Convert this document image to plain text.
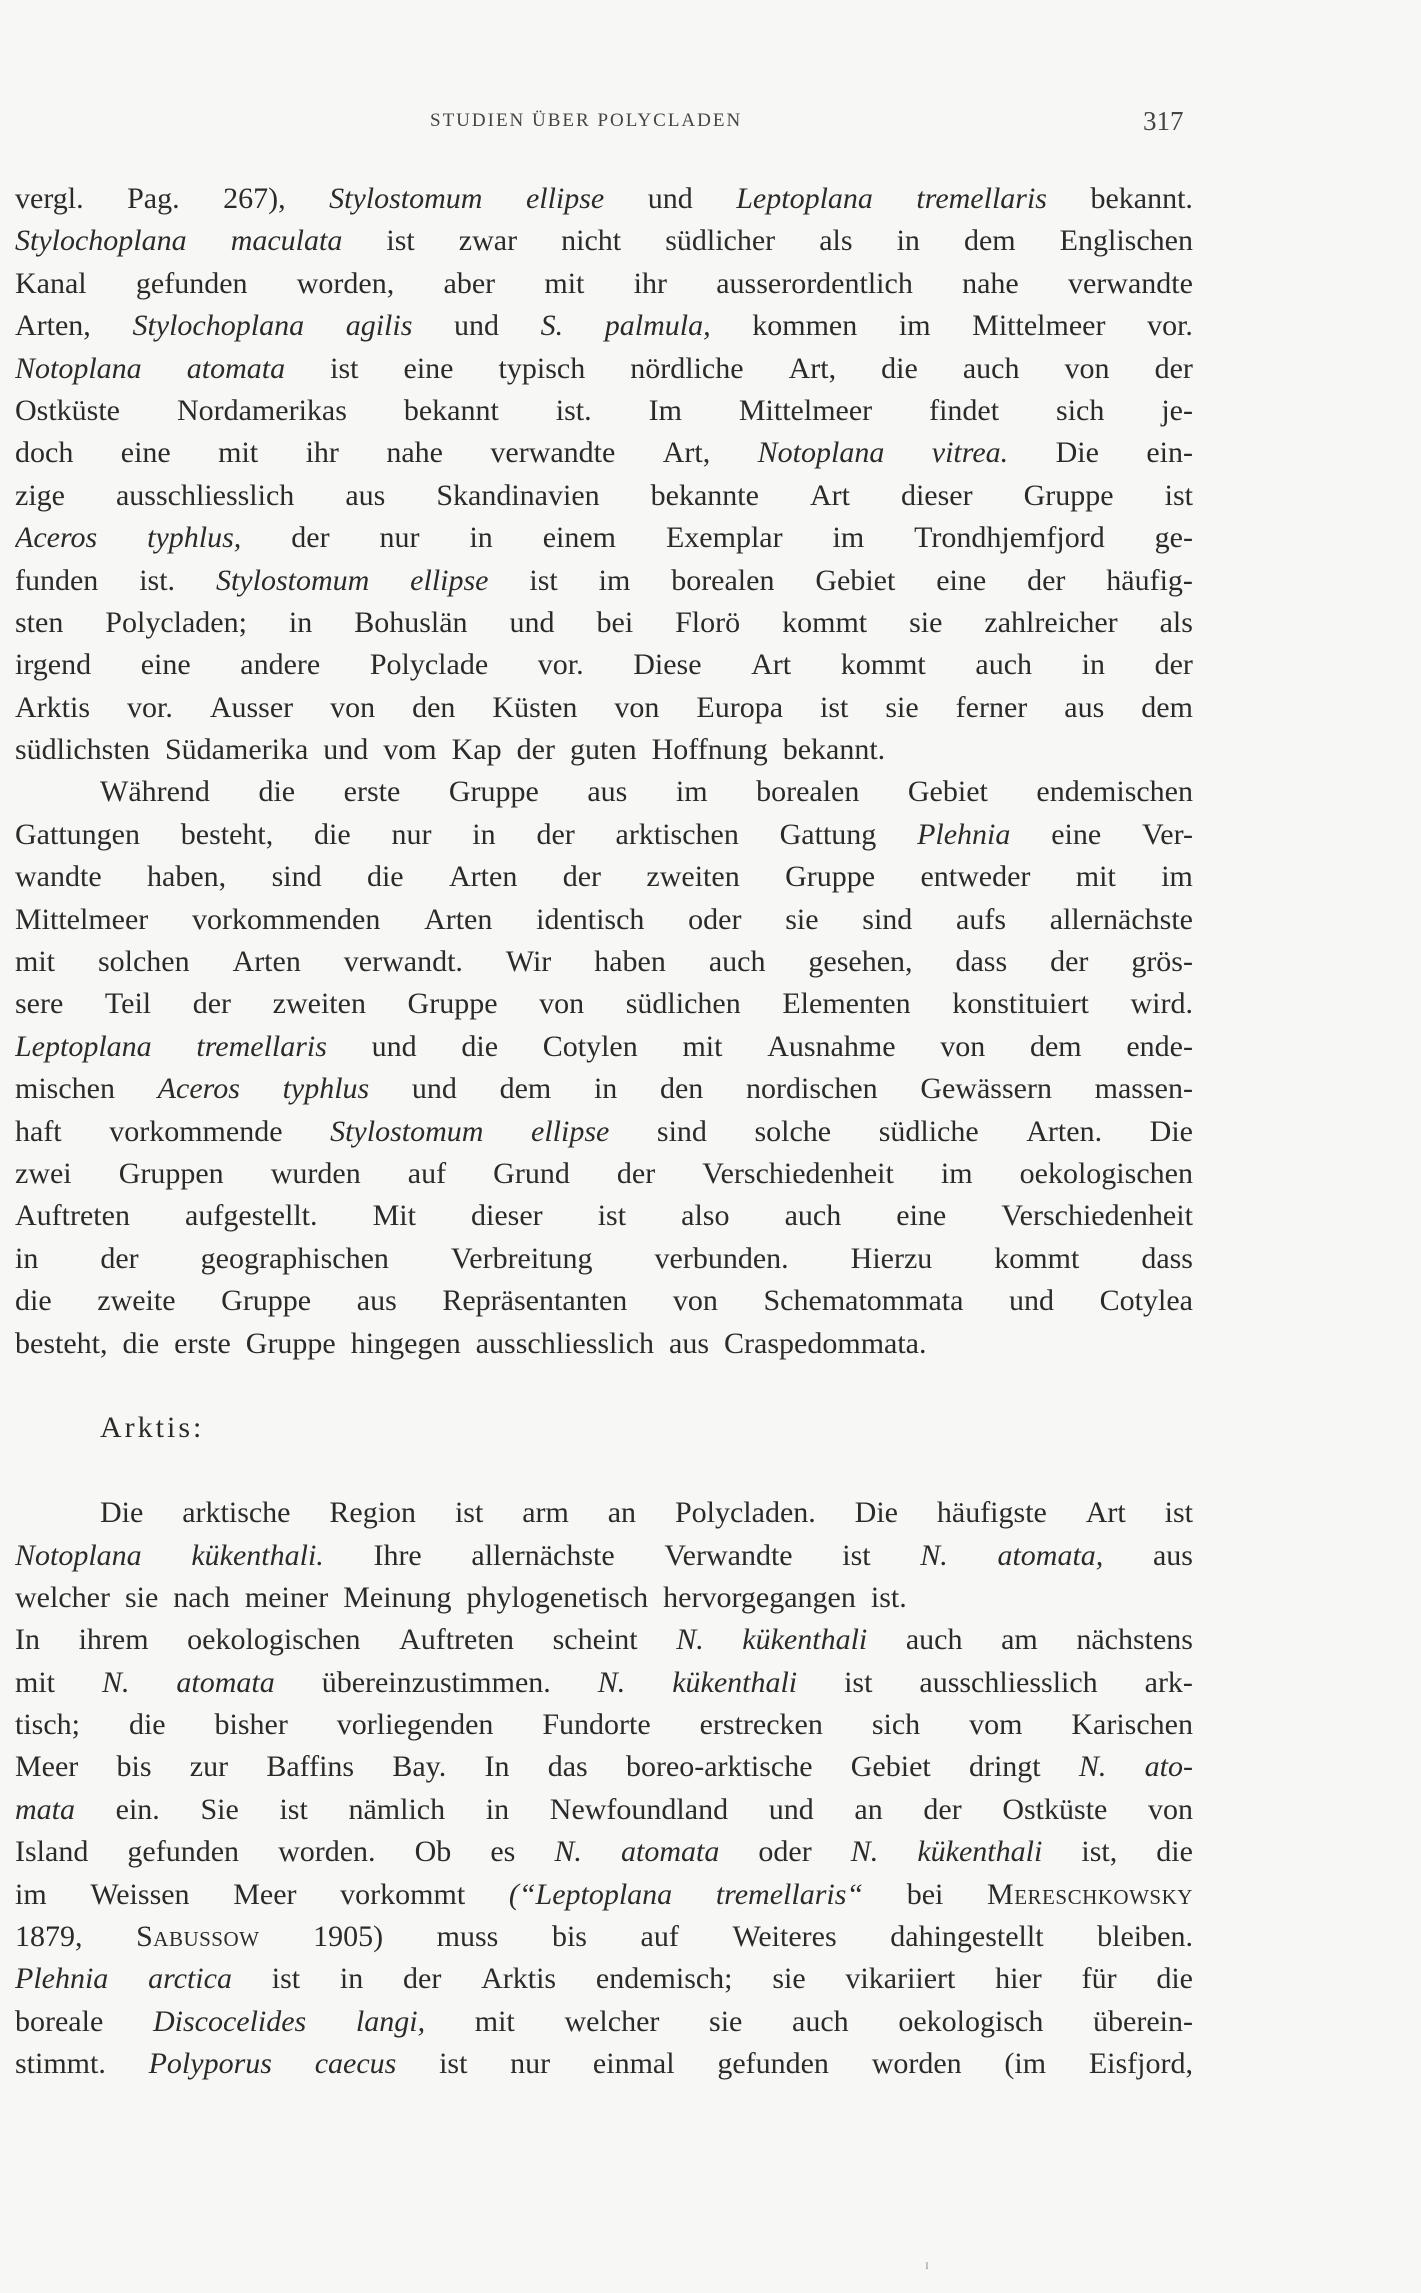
STUDIEN ÜBER POLYCLADEN	317
vergl. Pag. 267), Stylostomum ellipse und Leptoplana tremellaris bekannt.
Stylochoplana maculata ist zwar nicht südlicher als in dem Englischen
Kanal gefunden worden, aber mit ihr ausserordentlich nahe verwandte
Arten, Stylochoplana agilis und S. palmula, kommen im Mittelmeer vor.
Notoplana atomata ist eine typisch nördliche Art, die auch von der
Ostküste Nordamerikas bekannt ist. Im Mittelmeer findet sich je-
doch eine mit ihr nahe verwandte Art, Notoplana vitrea. Die ein-
zige ausschliesslich aus Skandinavien bekannte Art dieser Gruppe ist
Aceros typhlus, der nur in einem Exemplar im Trondhjemfjord ge-
funden ist. Stylostomum ellipse ist im borealen Gebiet eine der häufig-
sten Polycladen; in Bohuslän und bei Florö kommt sie zahlreicher als
irgend eine andere Polyclade vor. Diese Art kommt auch in der
Arktis vor. Ausser von den Küsten von Europa ist sie ferner aus dem
südlichsten Südamerika und vom Kap der guten Hoffnung bekannt.
Während die erste Gruppe aus im borealen Gebiet endemischen
Gattungen besteht, die nur in der arktischen Gattung Plehnia eine Ver-
wandte haben, sind die Arten der zweiten Gruppe entweder mit im
Mittelmeer vorkommenden Arten identisch oder sie sind aufs allernächste
mit solchen Arten verwandt. Wir haben auch gesehen, dass der grös-
sere Teil der zweiten Gruppe von südlichen Elementen konstituiert wird.
Leptoplana tremellaris und die Cotylen mit Ausnahme von dem ende-
mischen Aceros typhlus und dem in den nordischen Gewässern massen-
haft vorkommende Stylostomum ellipse sind solche südliche Arten. Die
zwei Gruppen wurden auf Grund der Verschiedenheit im oekologischen
Auftreten aufgestellt. Mit dieser ist also auch eine Verschiedenheit
in der geographischen Verbreitung verbunden. Hierzu kommt dass
die zweite Gruppe aus Repräsentanten von Schematommata und Cotylea
besteht, die erste Gruppe hingegen ausschliesslich aus Craspedommata.
Arktis:
Die arktische Region ist arm an Polycladen. Die häufigste Art ist
Notoplana kükenthali. Ihre allernächste Verwandte ist N. atomata, aus
welcher sie nach meiner Meinung phylogenetisch hervorgegangen ist.
In ihrem oekologischen Auftreten scheint N. kükenthali auch am nächstens
mit N. atomata übereinzustimmen. N. kükenthali ist ausschliesslich ark-
tisch; die bisher vorliegenden Fundorte erstrecken sich vom Karischen
Meer bis zur Baffins Bay. In das boreo-arktische Gebiet dringt N. ato-
mata ein. Sie ist nämlich in Newfoundland und an der Ostküste von
Island gefunden worden. Ob es N. atomata oder N. kükenthali ist, die
im Weissen Meer vorkommt (“Leptoplana tremellaris“ bei Mereschkowsky
1879, Sabussow 1905) muss bis auf Weiteres dahingestellt bleiben.
Plehnia arctica ist in der Arktis endemisch; sie vikariiert hier für die
boreale Discocelides langi, mit welcher sie auch oekologisch überein-
stimmt. Polyporus caecus ist nur einmal gefunden worden (im Eisfjord,
ɪ
